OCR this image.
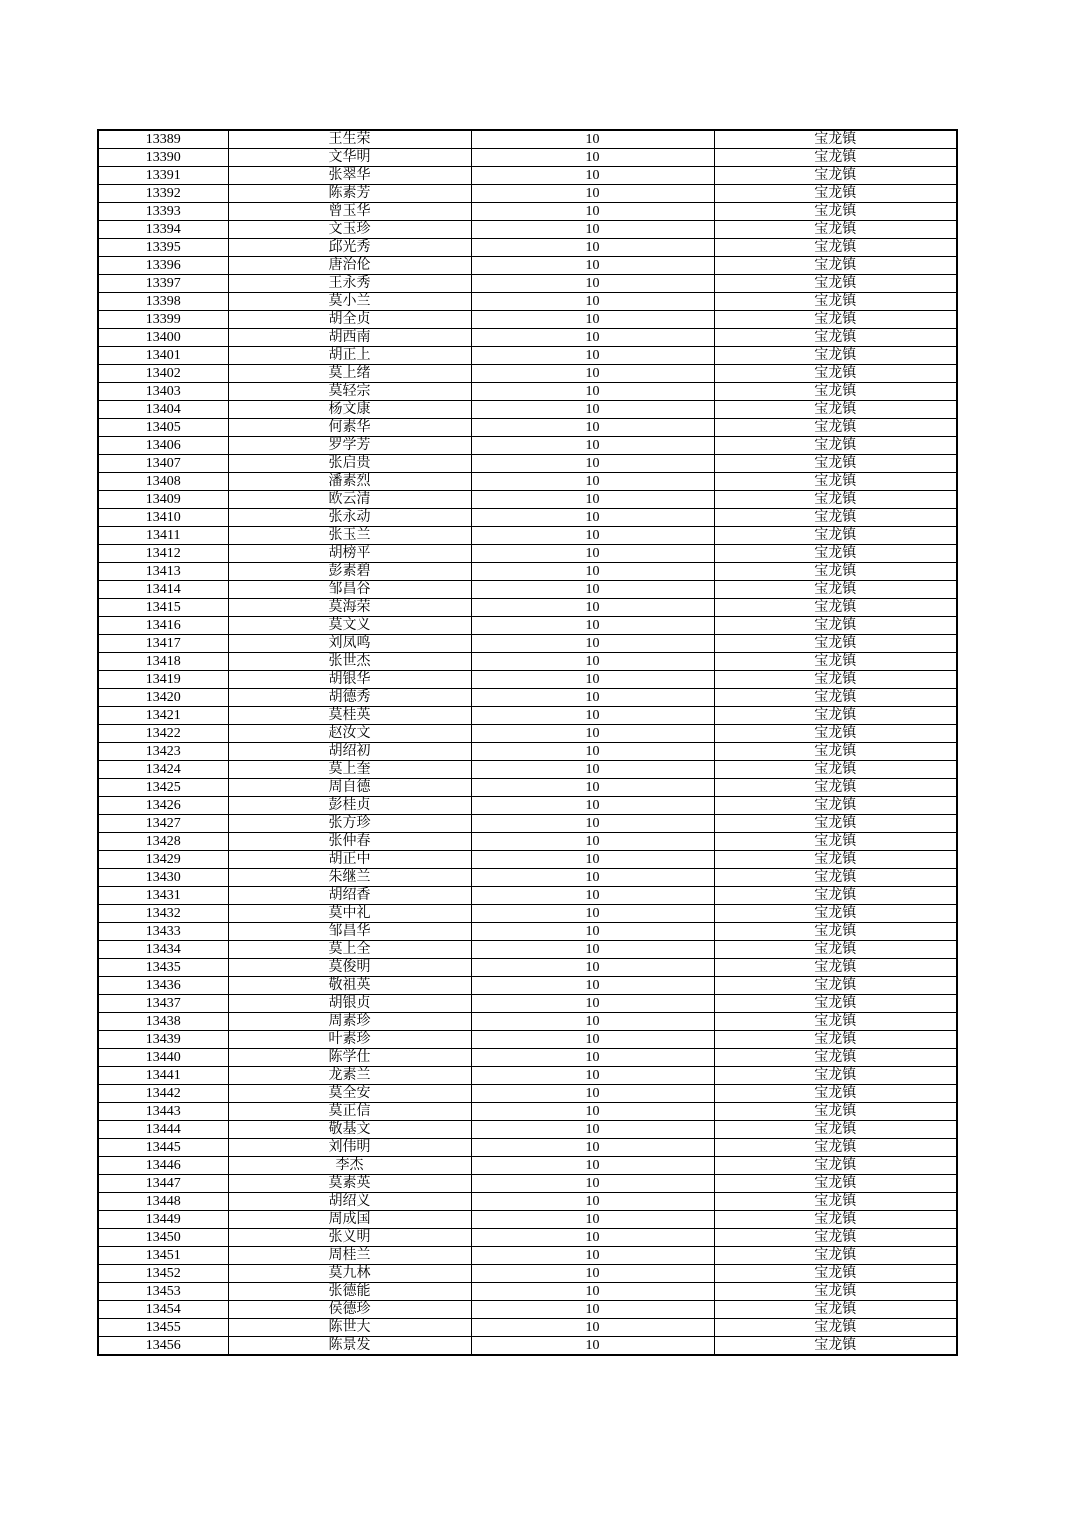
13389	王生荣	10	宝龙镇
13390	文华明	10	宝龙镇
13391	张翠华	10	宝龙镇
13392	陈素芳	10	宝龙镇
13393	曾玉华	10	宝龙镇
13394	文玉珍	10	宝龙镇
13395	邱光秀	10	宝龙镇
13396	唐治伦	10	宝龙镇
13397	王永秀	10	宝龙镇
13398	莫小兰	10	宝龙镇
13399	胡全贞	10	宝龙镇
13400	胡西南	10	宝龙镇
13401	胡正上	10	宝龙镇
13402	莫上绪	10	宝龙镇
13403	莫轻宗	10	宝龙镇
13404	杨文康	10	宝龙镇
13405	何素华	10	宝龙镇
13406	罗学芳	10	宝龙镇
13407	张启贵	10	宝龙镇
13408	潘素烈	10	宝龙镇
13409	欧云清	10	宝龙镇
13410	张永动	10	宝龙镇
13411	张玉兰	10	宝龙镇
13412	胡榜平	10	宝龙镇
13413	彭素碧	10	宝龙镇
13414	邹昌谷	10	宝龙镇
13415	莫海荣	10	宝龙镇
13416	莫文义	10	宝龙镇
13417	刘凤鸣	10	宝龙镇
13418	张世杰	10	宝龙镇
13419	胡银华	10	宝龙镇
13420	胡德秀	10	宝龙镇
13421	莫桂英	10	宝龙镇
13422	赵汝文	10	宝龙镇
13423	胡绍初	10	宝龙镇
13424	莫上奎	10	宝龙镇
13425	周自德	10	宝龙镇
13426	彭桂贞	10	宝龙镇
13427	张方珍	10	宝龙镇
13428	张仲春	10	宝龙镇
13429	胡正中	10	宝龙镇
13430	朱继兰	10	宝龙镇
13431	胡绍香	10	宝龙镇
13432	莫中礼	10	宝龙镇
13433	邹昌华	10	宝龙镇
13434	莫上全	10	宝龙镇
13435	莫俊明	10	宝龙镇
13436	敬祖英	10	宝龙镇
13437	胡银贞	10	宝龙镇
13438	周素珍	10	宝龙镇
13439	叶素珍	10	宝龙镇
13440	陈学仕	10	宝龙镇
13441	龙素兰	10	宝龙镇
13442	莫全安	10	宝龙镇
13443	莫正信	10	宝龙镇
13444	敬基文	10	宝龙镇
13445	刘伟明	10	宝龙镇
13446	李杰	10	宝龙镇
13447	莫素英	10	宝龙镇
13448	胡绍义	10	宝龙镇
13449	周成国	10	宝龙镇
13450	张义明	10	宝龙镇
13451	周桂兰	10	宝龙镇
13452	莫九林	10	宝龙镇
13453	张德能	10	宝龙镇
13454	侯德珍	10	宝龙镇
13455	陈世大	10	宝龙镇
13456	陈景发	10	宝龙镇
